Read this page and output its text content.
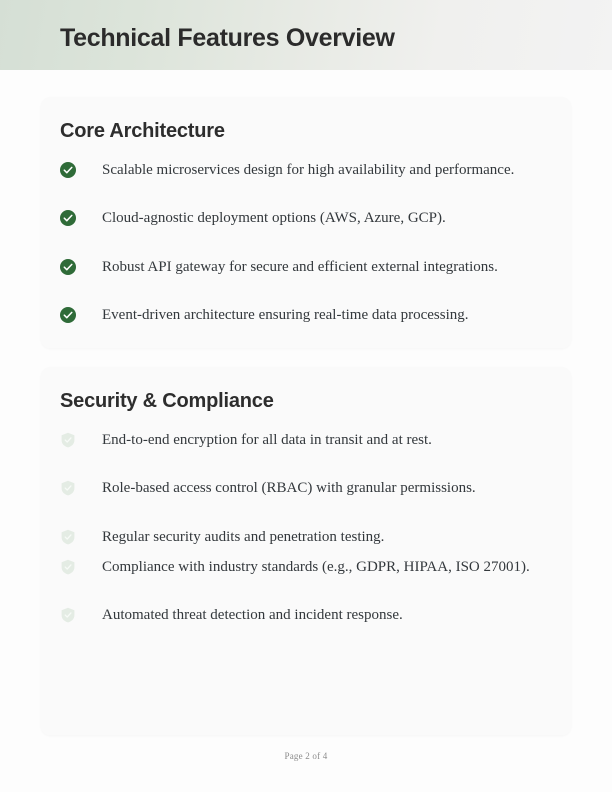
Technical Features Overview
Core Architecture
Scalable microservices design for high availability and performance.
Cloud-agnostic deployment options (AWS, Azure, GCP).
Robust API gateway for secure and efficient external integrations.
Event-driven architecture ensuring real-time data processing.
Security & Compliance
End-to-end encryption for all data in transit and at rest.
Role-based access control (RBAC) with granular permissions.
Regular security audits and penetration testing.
Compliance with industry standards (e.g., GDPR, HIPAA, ISO 27001).
Automated threat detection and incident response.
Page 2 of 4
